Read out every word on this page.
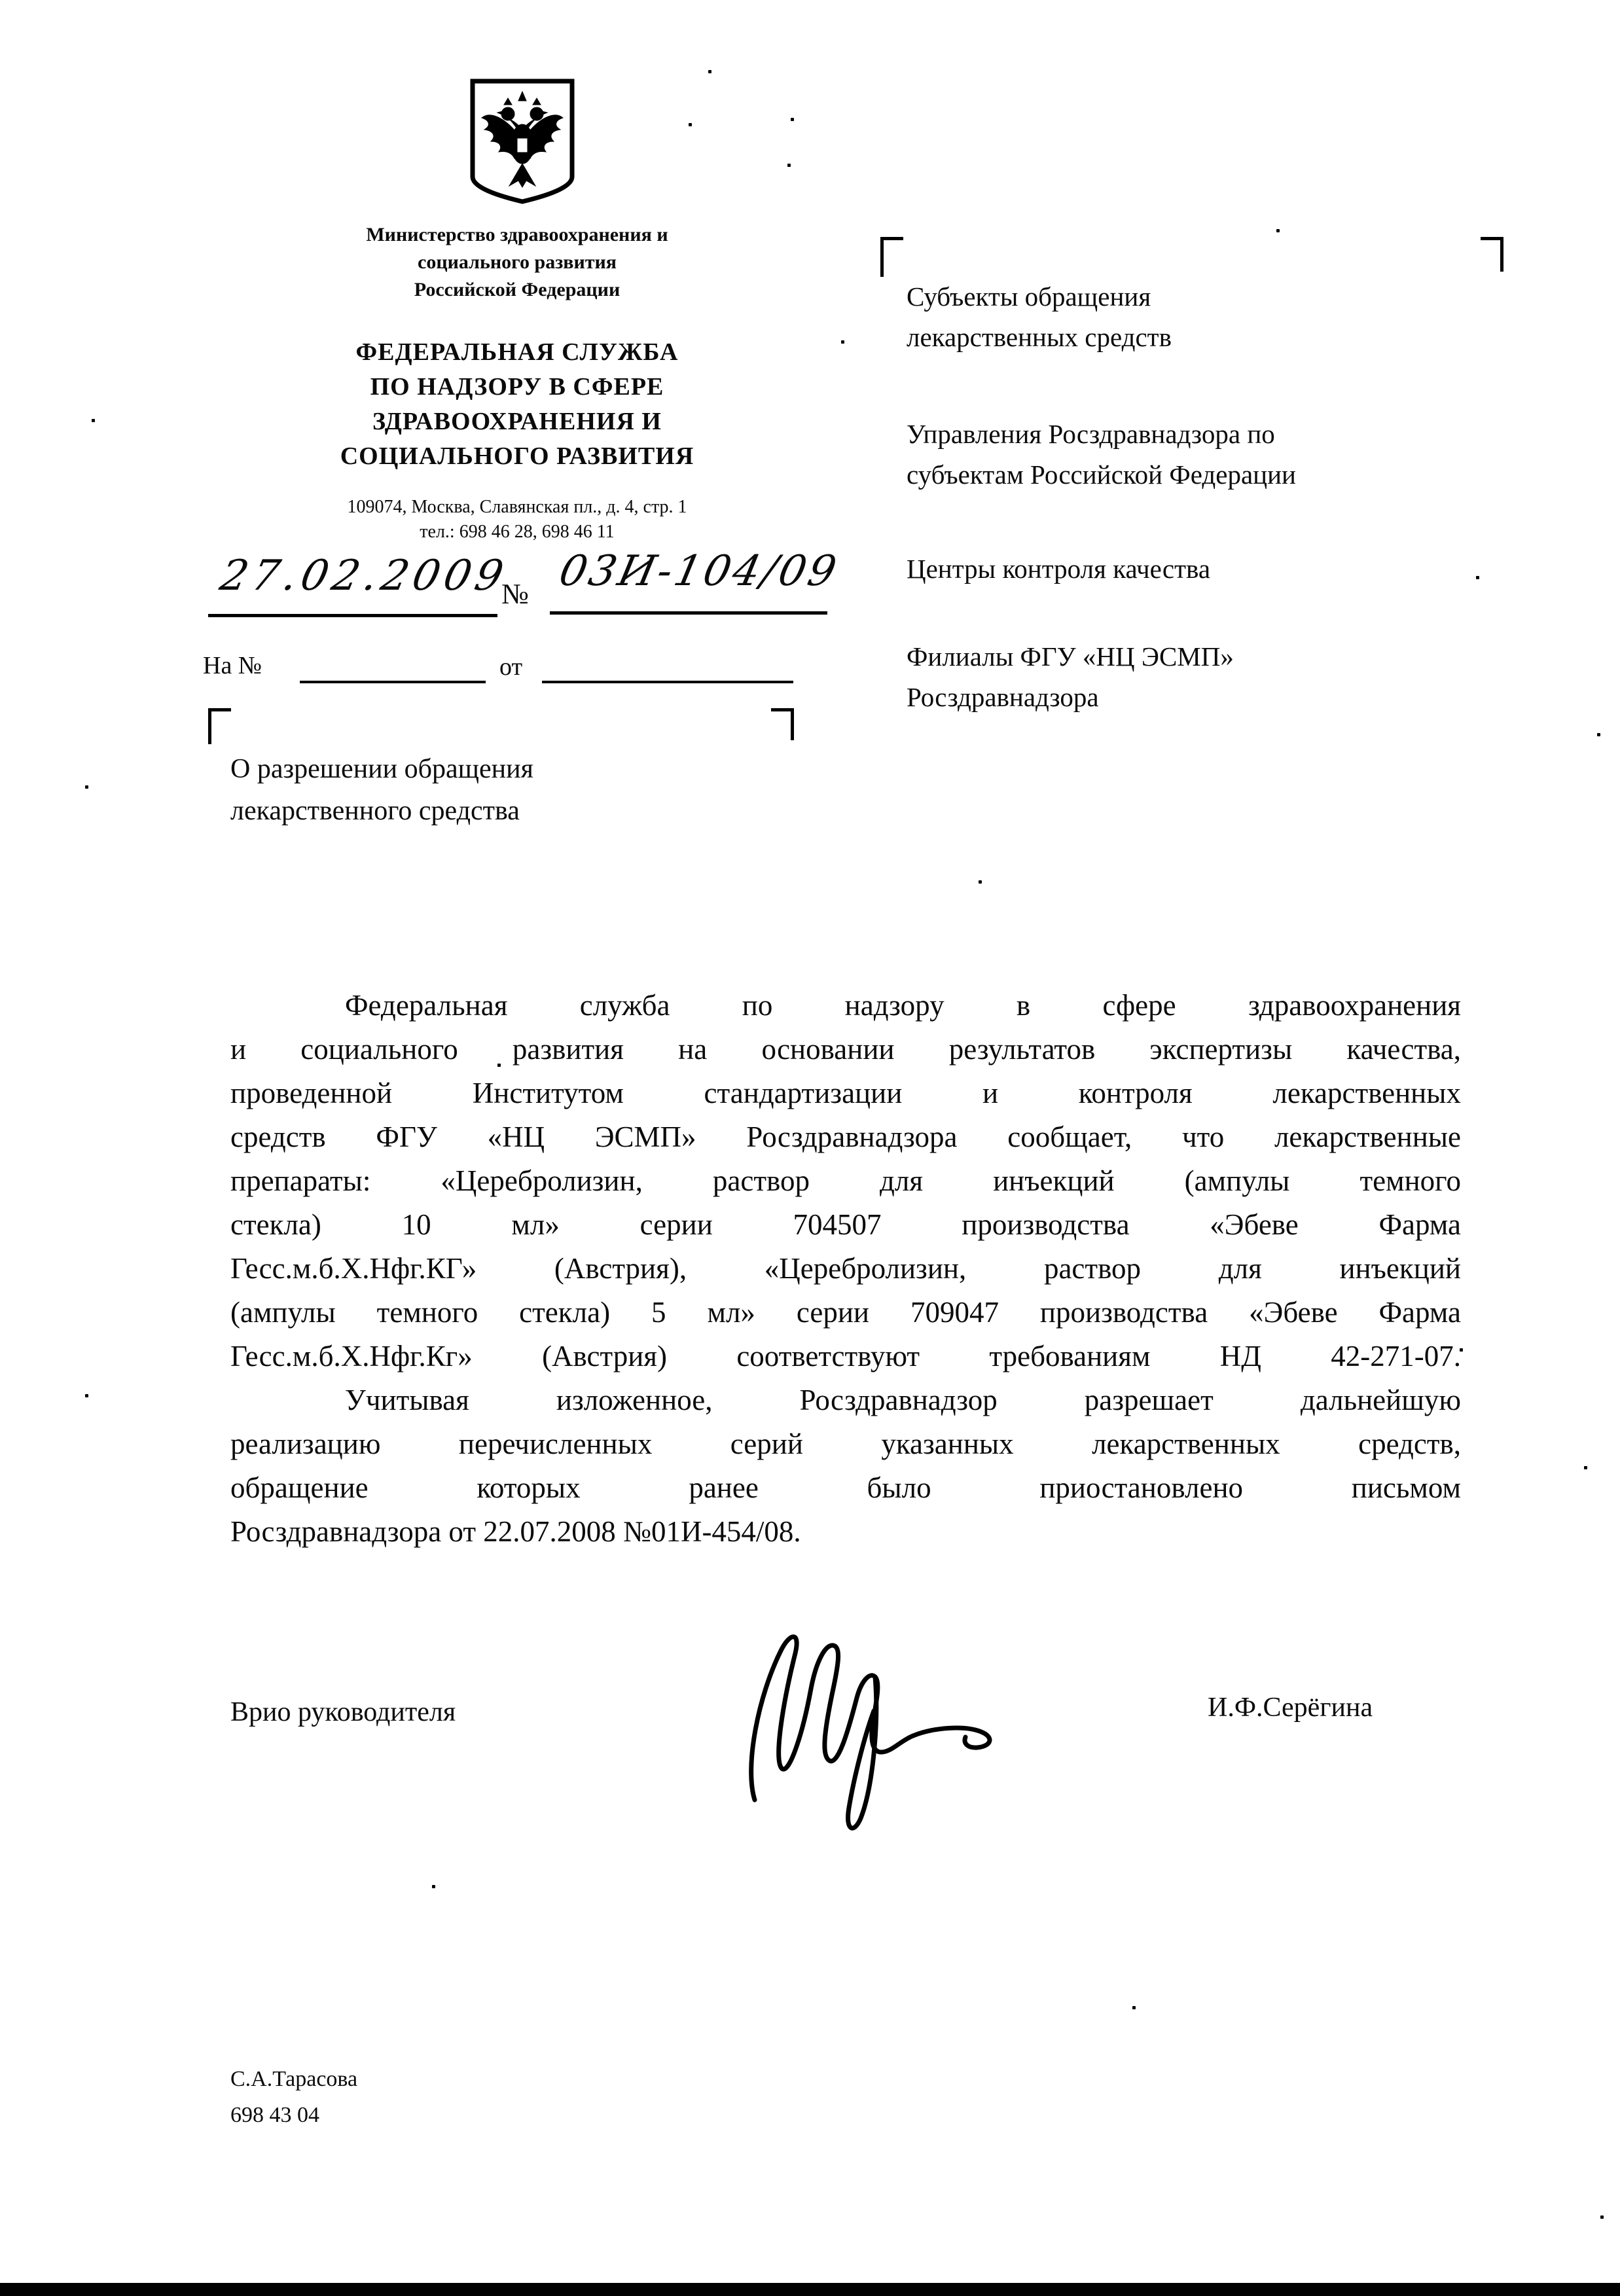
Министерство здравоохранения и
социального развития
Российской Федерации
ФЕДЕРАЛЬНАЯ СЛУЖБА
ПО НАДЗОРУ В СФЕРЕ
ЗДРАВООХРАНЕНИЯ И
СОЦИАЛЬНОГО РАЗВИТИЯ
109074, Москва, Славянская пл., д. 4, стр. 1
тел.: 698 46 28, 698 46 11
27.02.2009
№ 03И-104/09
На №	от
О разрешении обращения
лекарственного средства
Субъекты обращения
лекарственных средств
Управления Росздравнадзора по
субъектам Российской Федерации
Центры контроля качества
Филиалы ФГУ «НЦ ЭСМП»
Росздравнадзора
Федеральная служба по надзору в сфере здравоохранения
и социального развития на основании результатов экспертизы качества,
проведенной Институтом стандартизации и контроля лекарственных
средств ФГУ «НЦ ЭСМП» Росздравнадзора сообщает, что лекарственные
препараты: «Церебролизин, раствор для инъекций (ампулы темного
стекла) 10 мл» серии 704507 производства «Эбеве Фарма
Гесс.м.б.Х.Нфг.КГ» (Австрия), «Церебролизин, раствор для инъекций
(ампулы темного стекла) 5 мл» серии 709047 производства «Эбеве Фарма
Гесс.м.б.Х.Нфг.Кг» (Австрия) соответствуют требованиям НД 42-271-07.
Учитывая изложенное, Росздравнадзор разрешает дальнейшую
реализацию перечисленных серий указанных лекарственных средств,
обращение которых ранее было приостановлено письмом
Росздравнадзора от 22.07.2008 №01И-454/08.
Врио руководителя	И.Ф.Серёгина
С.А.Тарасова
698 43 04
